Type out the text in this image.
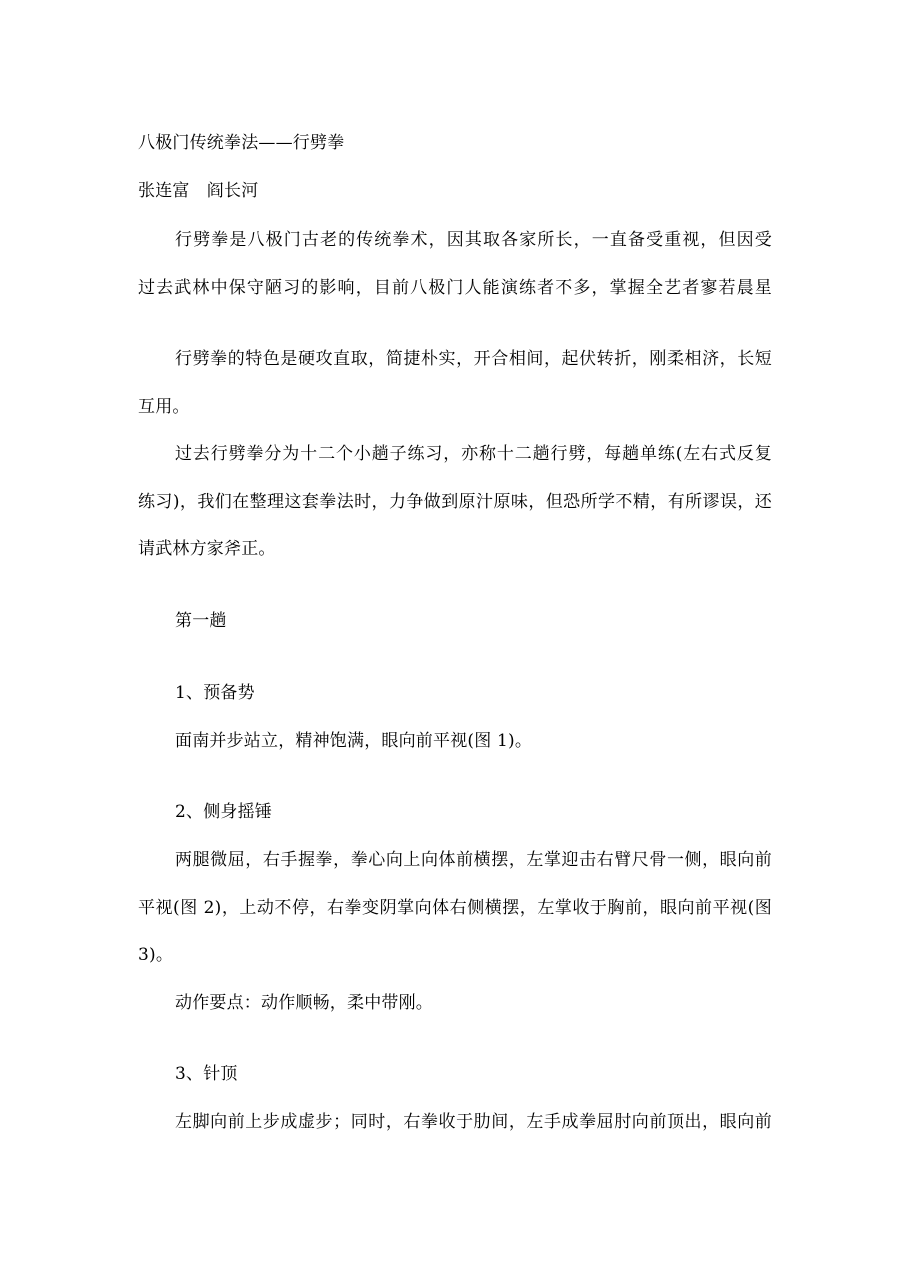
八极门传统拳法——行劈拳
张连富　阎长河
行劈拳是八极门古老的传统拳术，因其取各家所长，一直备受重视，但因受
过去武林中保守陋习的影响，目前八极门人能演练者不多，掌握全艺者寥若晨星
行劈拳的特色是硬攻直取，简捷朴实，开合相间，起伏转折，刚柔相济，长短
互用。
过去行劈拳分为十二个小趟子练习，亦称十二趟行劈，每趟单练(左右式反复
练习)，我们在整理这套拳法时，力争做到原汁原味，但恐所学不精，有所谬误，还
请武林方家斧正。
第一趟
1、预备势
面南并步站立，精神饱满，眼向前平视(图 1)。
2、侧身摇锤
两腿微屈，右手握拳，拳心向上向体前横摆，左掌迎击右臂尺骨一侧，眼向前
平视(图 2)，上动不停，右拳变阴掌向体右侧横摆，左掌收于胸前，眼向前平视(图
3)。
动作要点：动作顺畅，柔中带刚。
3、针顶
左脚向前上步成虚步；同时，右拳收于肋间，左手成拳屈肘向前顶出，眼向前
